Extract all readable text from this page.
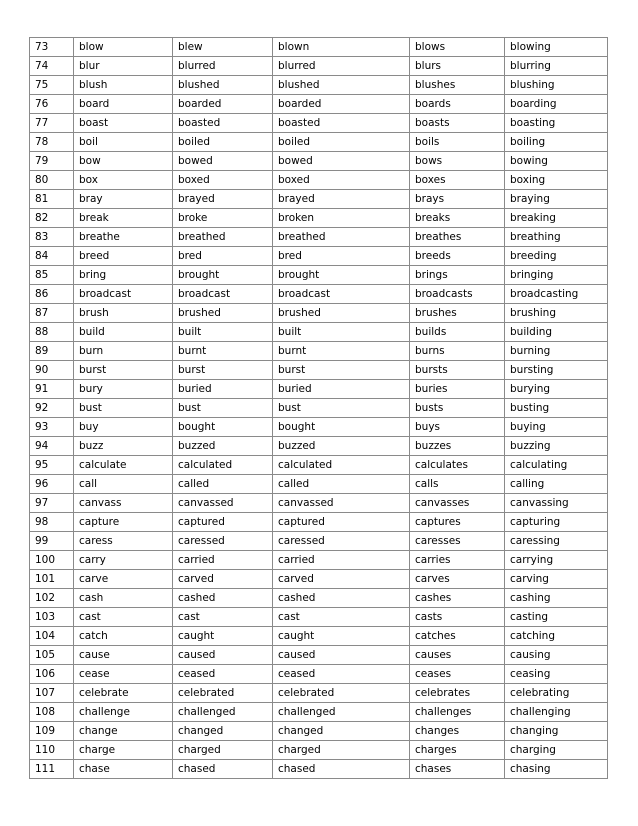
73	blow	blew	blown	blows	blowing
74	blur	blurred	blurred	blurs	blurring
75	blush	blushed	blushed	blushes	blushing
76	board	boarded	boarded	boards	boarding
77	boast	boasted	boasted	boasts	boasting
78	boil	boiled	boiled	boils	boiling
79	bow	bowed	bowed	bows	bowing
80	box	boxed	boxed	boxes	boxing
81	bray	brayed	brayed	brays	braying
82	break	broke	broken	breaks	breaking
83	breathe	breathed	breathed	breathes	breathing
84	breed	bred	bred	breeds	breeding
85	bring	brought	brought	brings	bringing
86	broadcast	broadcast	broadcast	broadcasts	broadcasting
87	brush	brushed	brushed	brushes	brushing
88	build	built	built	builds	building
89	burn	burnt	burnt	burns	burning
90	burst	burst	burst	bursts	bursting
91	bury	buried	buried	buries	burying
92	bust	bust	bust	busts	busting
93	buy	bought	bought	buys	buying
94	buzz	buzzed	buzzed	buzzes	buzzing
95	calculate	calculated	calculated	calculates	calculating
96	call	called	called	calls	calling
97	canvass	canvassed	canvassed	canvasses	canvassing
98	capture	captured	captured	captures	capturing
99	caress	caressed	caressed	caresses	caressing
100	carry	carried	carried	carries	carrying
101	carve	carved	carved	carves	carving
102	cash	cashed	cashed	cashes	cashing
103	cast	cast	cast	casts	casting
104	catch	caught	caught	catches	catching
105	cause	caused	caused	causes	causing
106	cease	ceased	ceased	ceases	ceasing
107	celebrate	celebrated	celebrated	celebrates	celebrating
108	challenge	challenged	challenged	challenges	challenging
109	change	changed	changed	changes	changing
110	charge	charged	charged	charges	charging
111	chase	chased	chased	chases	chasing
